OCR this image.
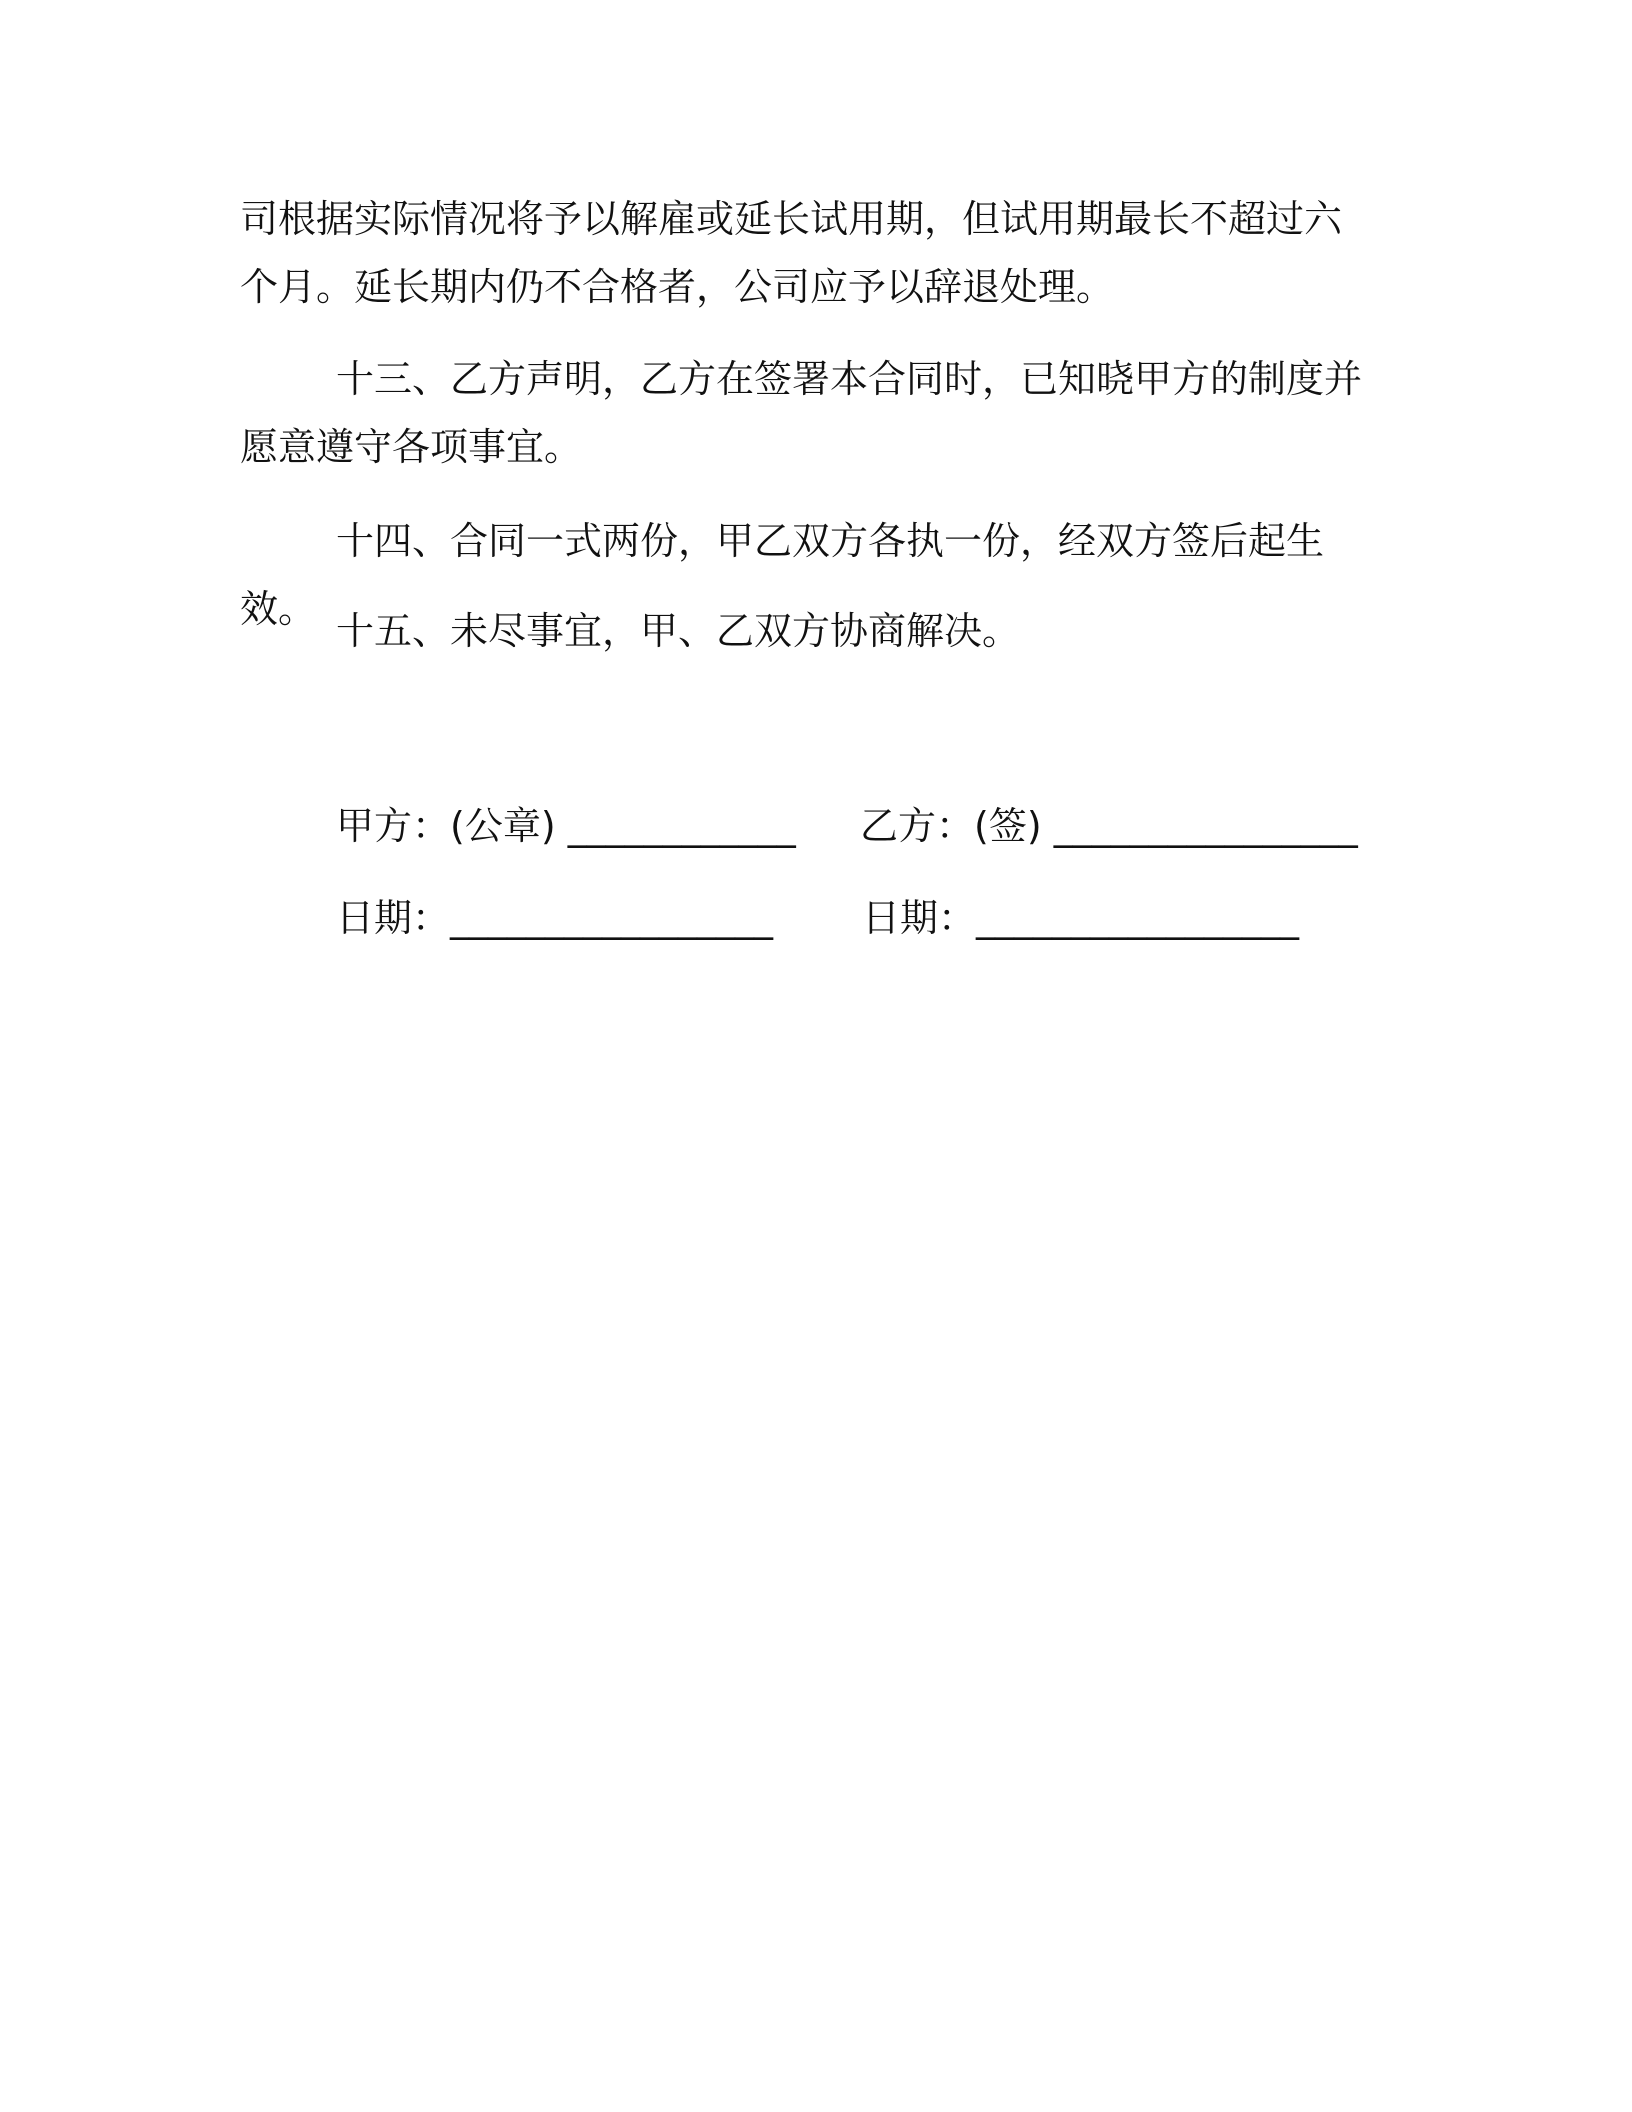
司根据实际情况将予以解雇或延长试用期，但试用期最长不超过六个月。延长期内仍不合格者，公司应予以辞退处理。

十三、乙方声明，乙方在签署本合同时，已知晓甲方的制度并愿意遵守各项事宜。

十四、合同一式两份，甲乙双方各执一份，经双方签后起生效。 十五、未尽事宜，甲、乙双方协商解决。

甲方：(公章) ____________ 乙方：(签) ________________
日期：_________________ 日期：_________________
